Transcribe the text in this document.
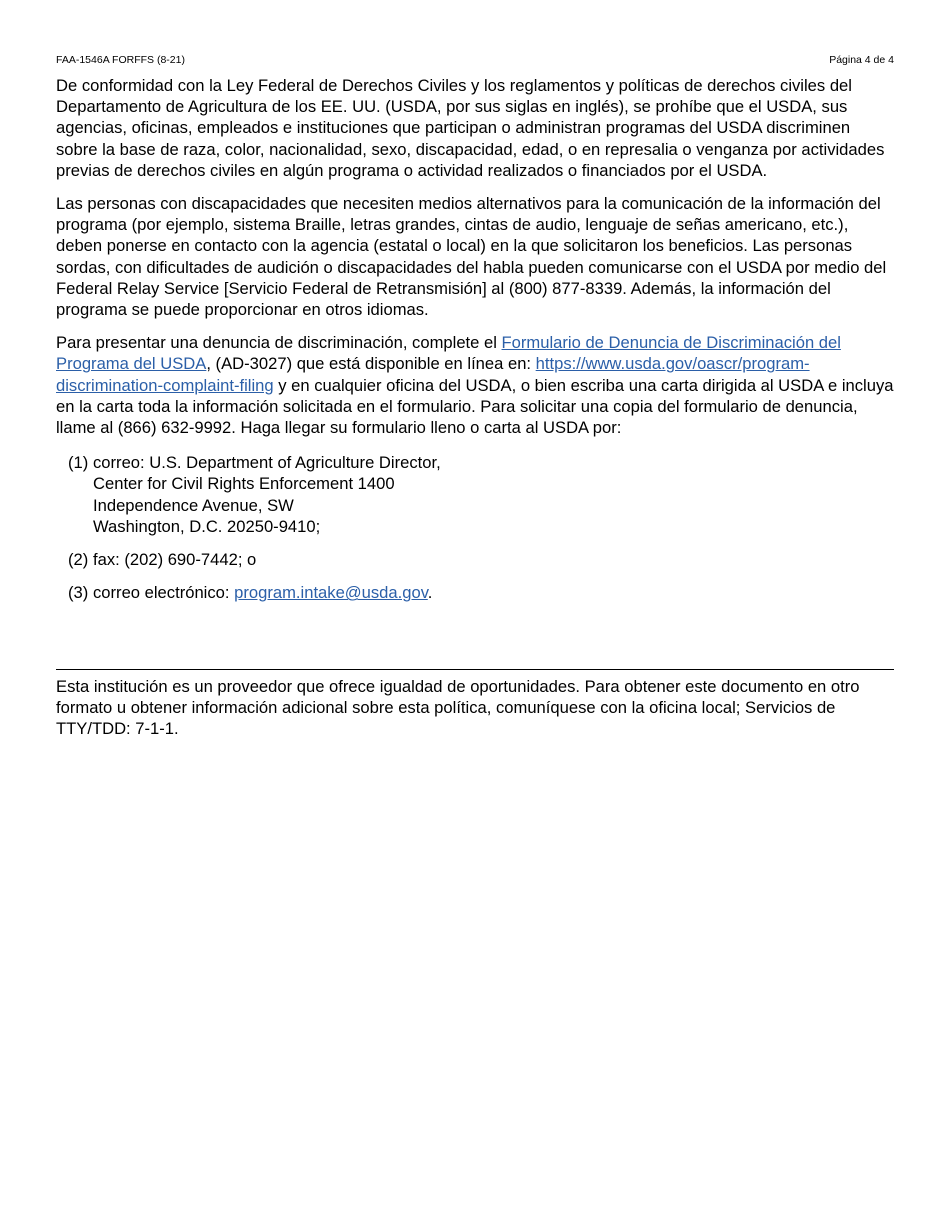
FAA-1546A FORFFS (8-21)	Página 4 de 4

De conformidad con la Ley Federal de Derechos Civiles y los reglamentos y políticas de derechos civiles del Departamento de Agricultura de los EE. UU. (USDA, por sus siglas en inglés), se prohíbe que el USDA, sus agencias, oficinas, empleados e instituciones que participan o administran programas del USDA discriminen sobre la base de raza, color, nacionalidad, sexo, discapacidad, edad, o en represalia o venganza por actividades previas de derechos civiles en algún programa o actividad realizados o financiados por el USDA.

Las personas con discapacidades que necesiten medios alternativos para la comunicación de la información del programa (por ejemplo, sistema Braille, letras grandes, cintas de audio, lenguaje de señas americano, etc.), deben ponerse en contacto con la agencia (estatal o local) en la que solicitaron los beneficios. Las personas sordas, con dificultades de audición o discapacidades del habla pueden comunicarse con el USDA por medio del Federal Relay Service [Servicio Federal de Retransmisión] al (800) 877-8339. Además, la información del programa se puede proporcionar en otros idiomas.

Para presentar una denuncia de discriminación, complete el Formulario de Denuncia de Discriminación del Programa del USDA, (AD-3027) que está disponible en línea en: https://www.usda.gov/oascr/program-discrimination-complaint-filing y en cualquier oficina del USDA, o bien escriba una carta dirigida al USDA e incluya en la carta toda la información solicitada en el formulario. Para solicitar una copia del formulario de denuncia, llame al (866) 632-9992. Haga llegar su formulario lleno o carta al USDA por:

(1) correo: U.S. Department of Agriculture Director,
Center for Civil Rights Enforcement 1400
Independence Avenue, SW
Washington, D.C. 20250-9410;
(2) fax: (202) 690-7442; o
(3) correo electrónico: program.intake@usda.gov.
Esta institución es un proveedor que ofrece igualdad de oportunidades. Para obtener este documento en otro formato u obtener información adicional sobre esta política, comuníquese con la oficina local; Servicios de TTY/TDD: 7-1-1.
